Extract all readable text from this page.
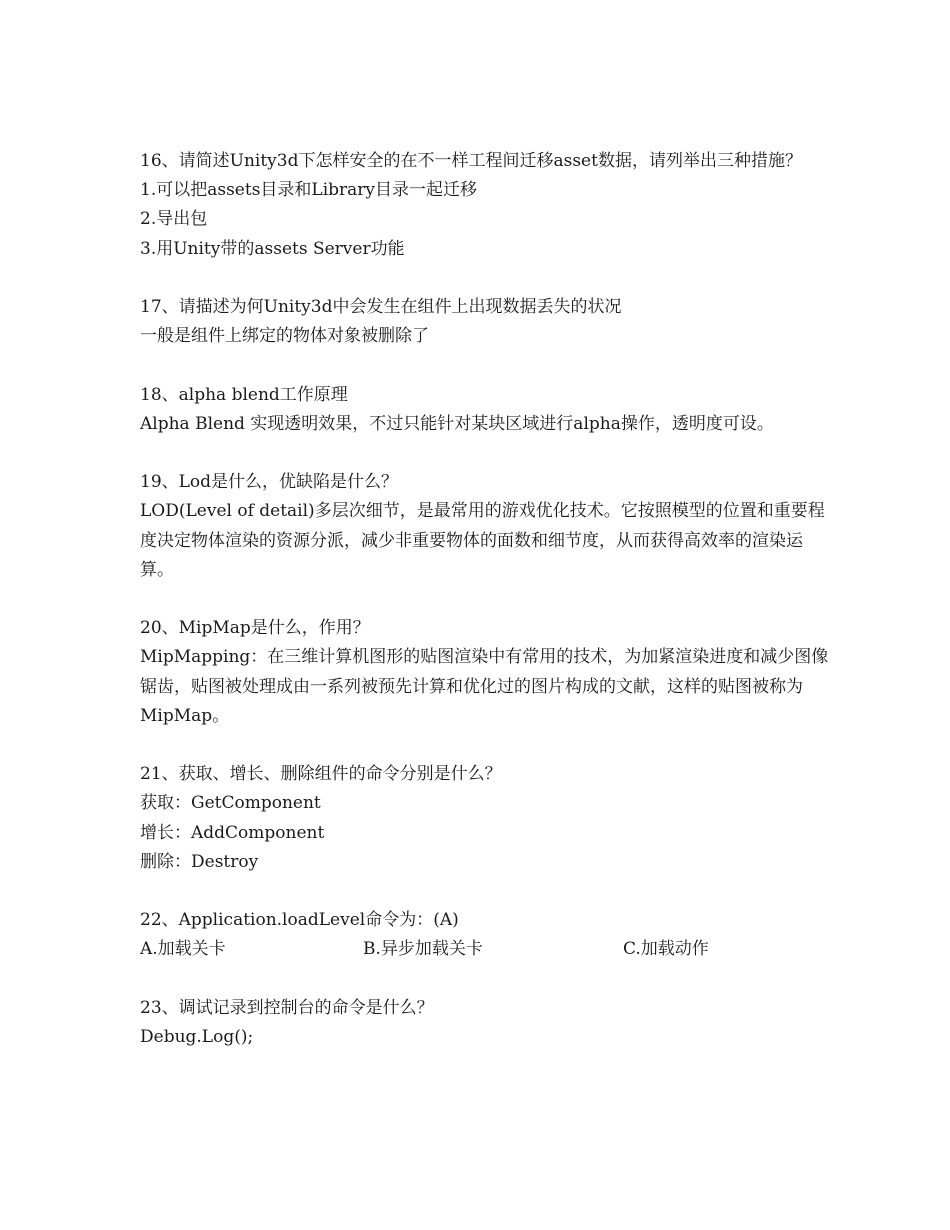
16、请简述Unity3d下怎样安全的在不一样工程间迁移asset数据，请列举出三种措施？
1.可以把assets目录和Library目录一起迁移
2.导出包
3.用Unity带的assets Server功能
17、请描述为何Unity3d中会发生在组件上出现数据丢失的状况
一般是组件上绑定的物体对象被删除了
18、alpha blend工作原理
Alpha Blend 实现透明效果，不过只能针对某块区域进行alpha操作，透明度可设。
19、Lod是什么，优缺陷是什么？
LOD(Level of detail)多层次细节，是最常用的游戏优化技术。它按照模型的位置和重要程度决定物体渲染的资源分派，减少非重要物体的面数和细节度，从而获得高效率的渲染运算。
20、MipMap是什么，作用？
MipMapping：在三维计算机图形的贴图渲染中有常用的技术，为加紧渲染进度和减少图像锯齿，贴图被处理成由一系列被预先计算和优化过的图片构成的文献，这样的贴图被称为MipMap。
21、获取、增长、删除组件的命令分别是什么？
获取：GetComponent
增长：AddComponent
删除：Destroy
22、Application.loadLevel命令为：(A)
A.加载关卡	B.异步加载关卡	C.加载动作
23、调试记录到控制台的命令是什么？
Debug.Log();
